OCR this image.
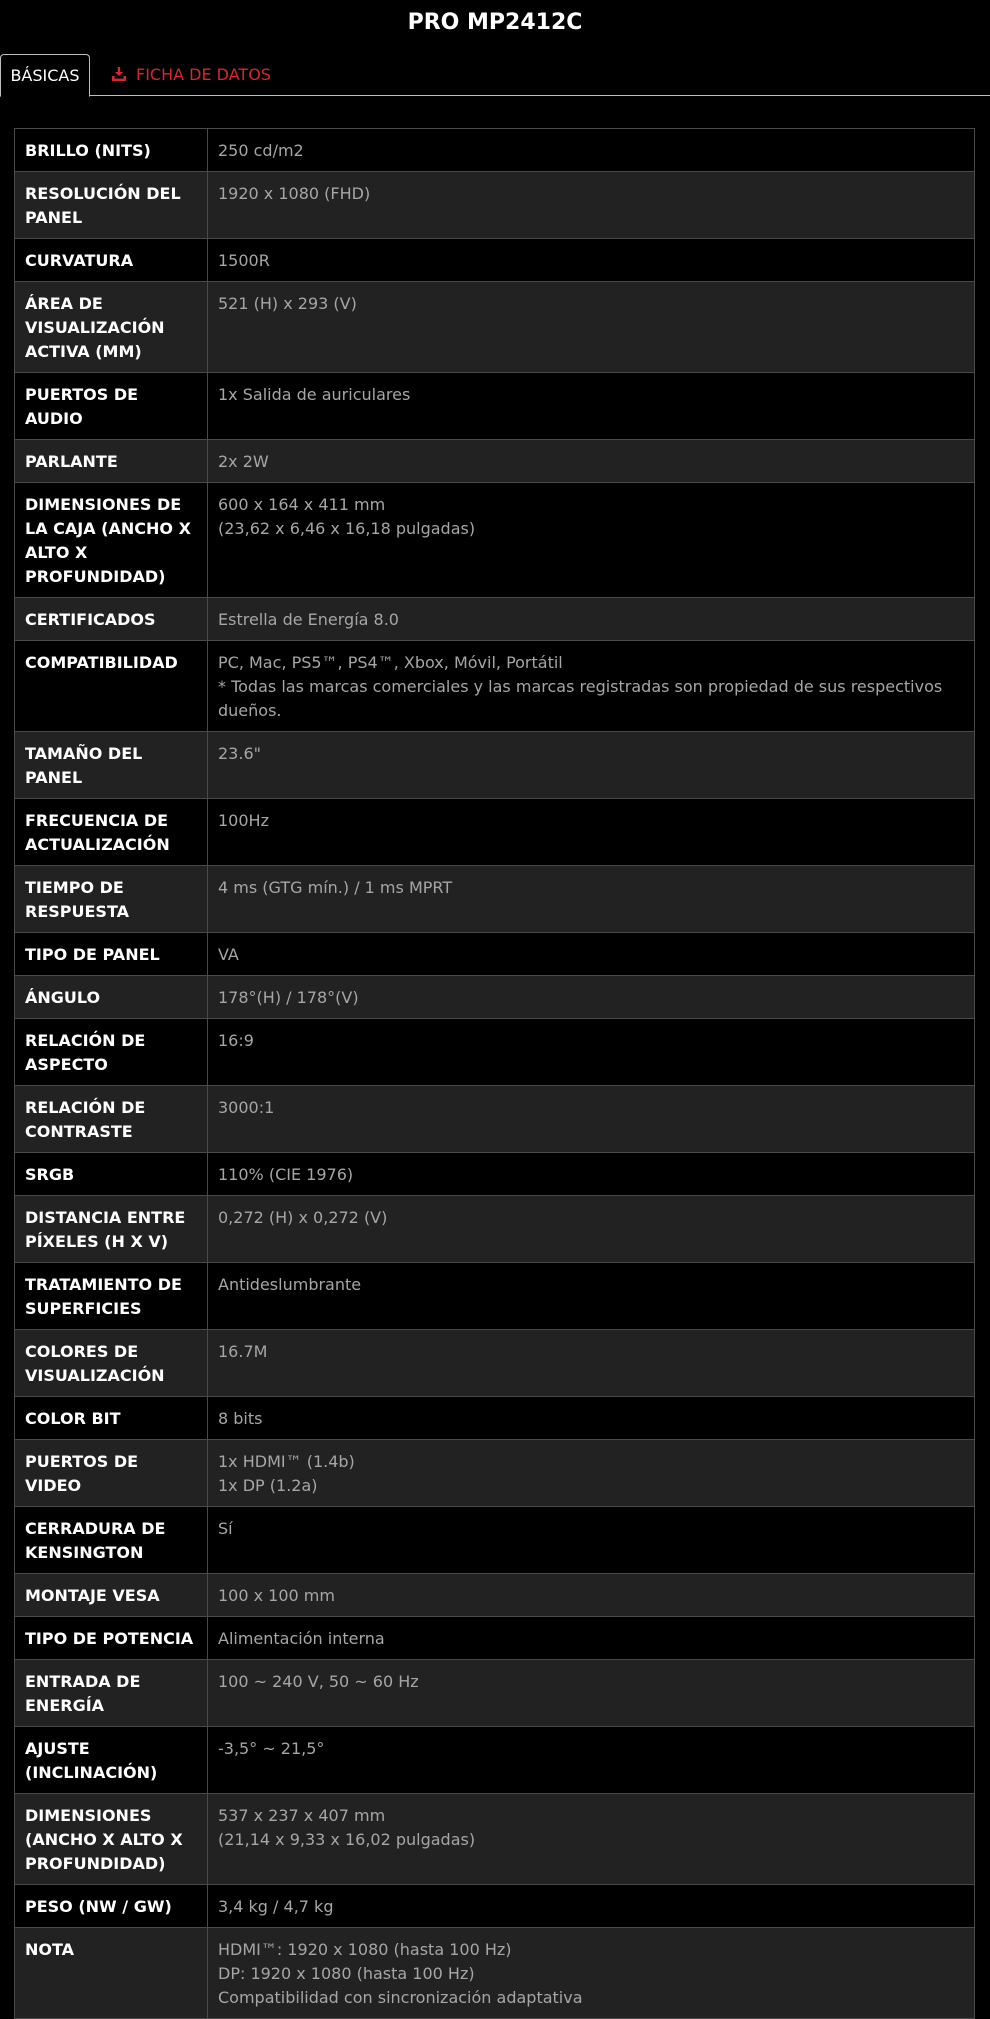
PRO MP2412C
BÁSICAS	FICHA DE DATOS
BRILLO (NITS)	250 cd/m2
RESOLUCIÓN DEL PANEL	1920 x 1080 (FHD)
CURVATURA	1500R
ÁREA DE VISUALIZACIÓN ACTIVA (MM)	521 (H) x 293 (V)
PUERTOS DE AUDIO	1x Salida de auriculares
PARLANTE	2x 2W
DIMENSIONES DE LA CAJA (ANCHO X ALTO X PROFUNDIDAD)	600 x 164 x 411 mm
(23,62 x 6,46 x 16,18 pulgadas)
CERTIFICADOS	Estrella de Energía 8.0
COMPATIBILIDAD	PC, Mac, PS5™, PS4™, Xbox, Móvil, Portátil
* Todas las marcas comerciales y las marcas registradas son propiedad de sus respectivos dueños.
TAMAÑO DEL PANEL	23.6"
FRECUENCIA DE ACTUALIZACIÓN	100Hz
TIEMPO DE RESPUESTA	4 ms (GTG mín.) / 1 ms MPRT
TIPO DE PANEL	VA
ÁNGULO	178°(H) / 178°(V)
RELACIÓN DE ASPECTO	16:9
RELACIÓN DE CONTRASTE	3000:1
SRGB	110% (CIE 1976)
DISTANCIA ENTRE PÍXELES (H X V)	0,272 (H) x 0,272 (V)
TRATAMIENTO DE SUPERFICIES	Antideslumbrante
COLORES DE VISUALIZACIÓN	16.7M
COLOR BIT	8 bits
PUERTOS DE VIDEO	1x HDMI™ (1.4b)
1x DP (1.2a)
CERRADURA DE KENSINGTON	Sí
MONTAJE VESA	100 x 100 mm
TIPO DE POTENCIA	Alimentación interna
ENTRADA DE ENERGÍA	100 ~ 240 V, 50 ~ 60 Hz
AJUSTE (INCLINACIÓN)	-3,5° ~ 21,5°
DIMENSIONES (ANCHO X ALTO X PROFUNDIDAD)	537 x 237 x 407 mm
(21,14 x 9,33 x 16,02 pulgadas)
PESO (NW / GW)	3,4 kg / 4,7 kg
NOTA	HDMI™: 1920 x 1080 (hasta 100 Hz)
DP: 1920 x 1080 (hasta 100 Hz)
Compatibilidad con sincronización adaptativa
